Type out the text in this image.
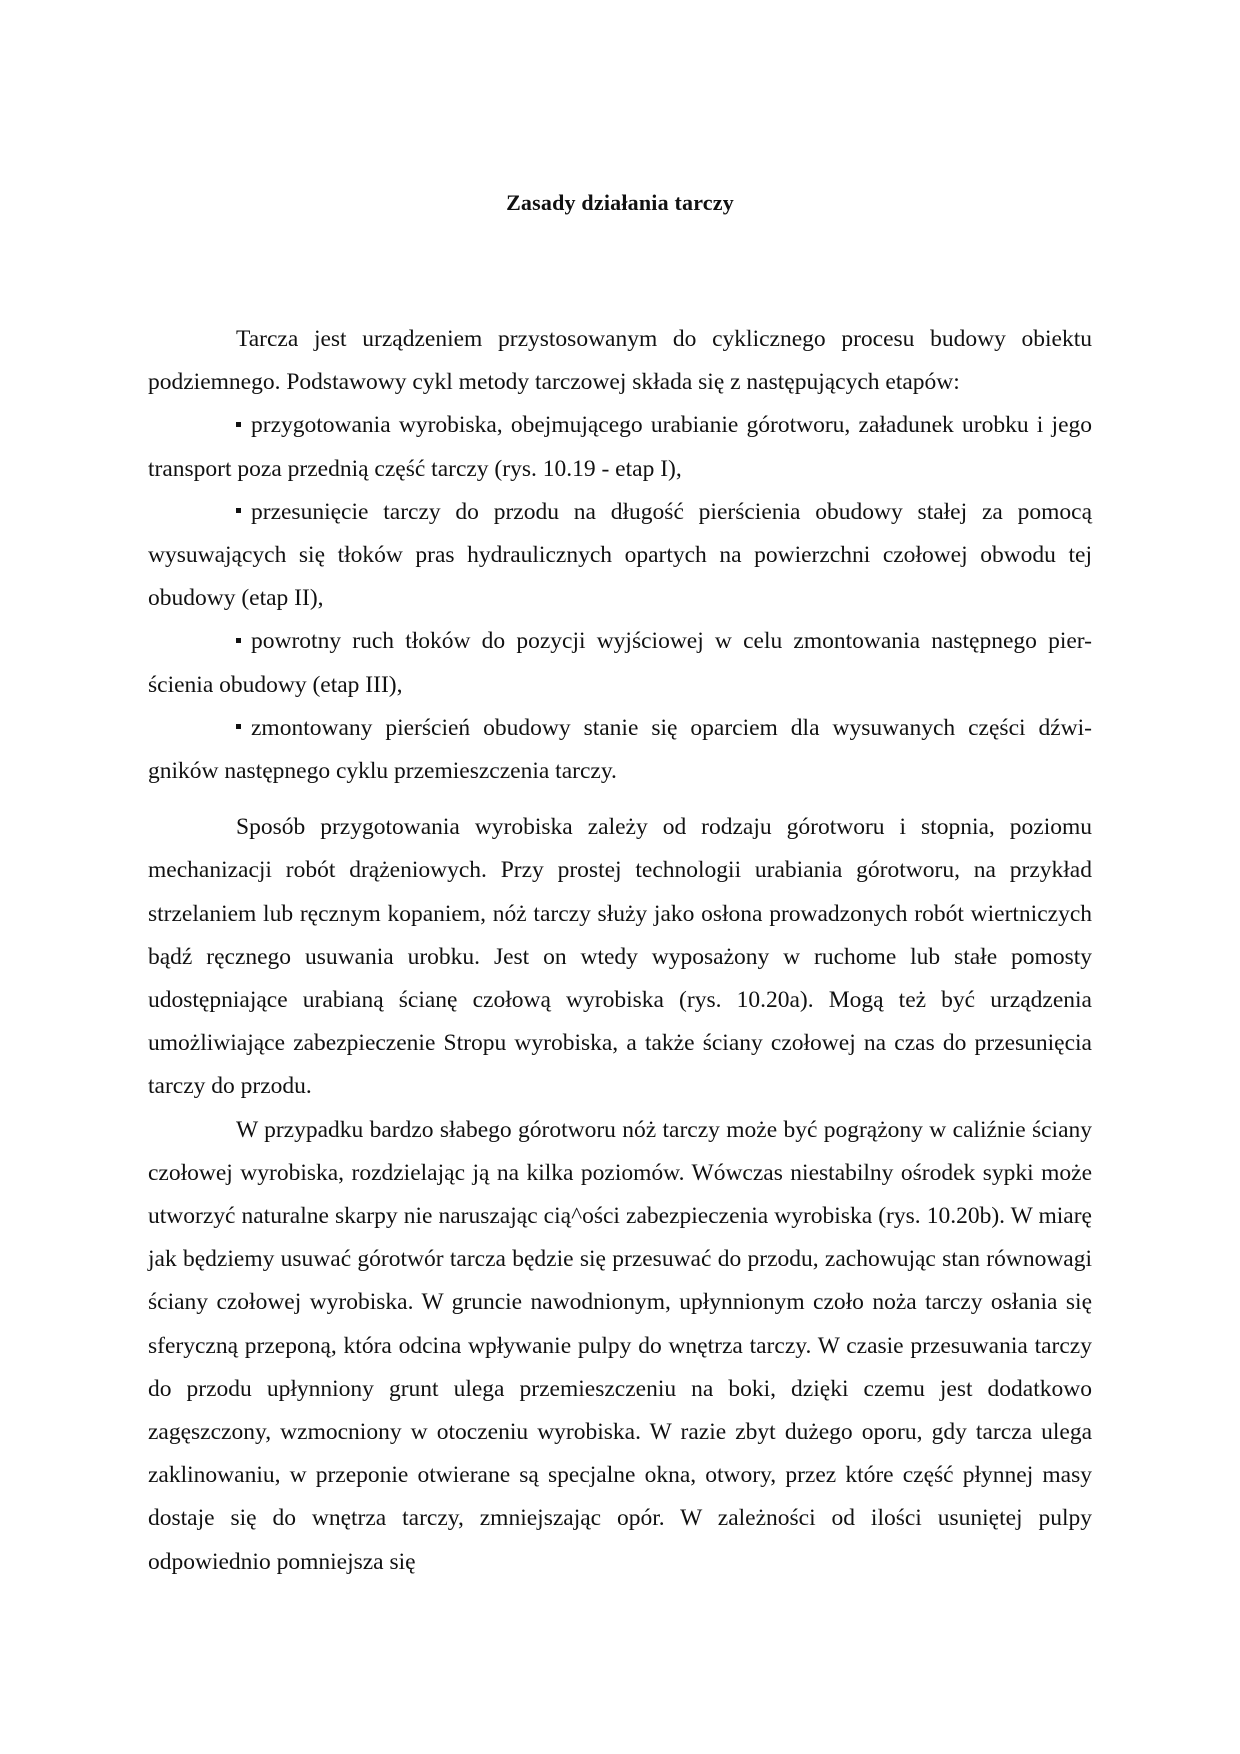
Zasady działania tarczy

Tarcza jest urządzeniem przystosowanym do cyklicznego procesu budowy obiektu podziemnego. Podstawowy cykl metody tarczowej składa się z następujących etapów:

przygotowania wyrobiska, obejmującego urabianie górotworu, załadunek urobku i jego transport poza przednią część tarczy (rys. 10.19 - etap I),

przesunięcie tarczy do przodu na długość pierścienia obudowy stałej za pomocą wysuwających się tłoków pras hydraulicznych opartych na powierzchni czołowej obwodu tej obudowy (etap II),

powrotny ruch tłoków do pozycji wyjściowej w celu zmontowania następnego pier-ścienia obudowy (etap III),

zmontowany pierścień obudowy stanie się oparciem dla wysuwanych części dźwi-gników następnego cyklu przemieszczenia tarczy.

Sposób przygotowania wyrobiska zależy od rodzaju górotworu i stopnia, poziomu mechanizacji robót drążeniowych. Przy prostej technologii urabiania górotworu, na przykład strzelaniem lub ręcznym kopaniem, nóż tarczy służy jako osłona prowadzonych robót wiertniczych bądź ręcznego usuwania urobku. Jest on wtedy wyposażony w ruchome lub stałe pomosty udostępniające urabianą ścianę czołową wyrobiska (rys. 10.20a). Mogą też być urządzenia umożliwiające zabezpieczenie Stropu wyrobiska, a także ściany czołowej na czas do przesunięcia tarczy do przodu.

W przypadku bardzo słabego górotworu nóż tarczy może być pogrążony w caliźnie ściany czołowej wyrobiska, rozdzielając ją na kilka poziomów. Wówczas niestabilny ośrodek sypki może utworzyć naturalne skarpy nie naruszając cią^ości zabezpieczenia wyrobiska (rys. 10.20b). W miarę jak będziemy usuwać górotwór tarcza będzie się przesuwać do przodu, zachowując stan równowagi ściany czołowej wyrobiska. W gruncie nawodnionym, upłynnionym czoło noża tarczy osłania się sferyczną przeponą, która odcina wpływanie pulpy do wnętrza tarczy. W czasie przesuwania tarczy do przodu upłynniony grunt ulega przemieszczeniu na boki, dzięki czemu jest dodatkowo zagęszczony, wzmocniony w otoczeniu wyrobiska. W razie zbyt dużego oporu, gdy tarcza ulega zaklinowaniu, w przeponie otwierane są specjalne okna, otwory, przez które część płynnej masy dostaje się do wnętrza tarczy, zmniejszając opór. W zależności od ilości usuniętej pulpy odpowiednio pomniejsza się
